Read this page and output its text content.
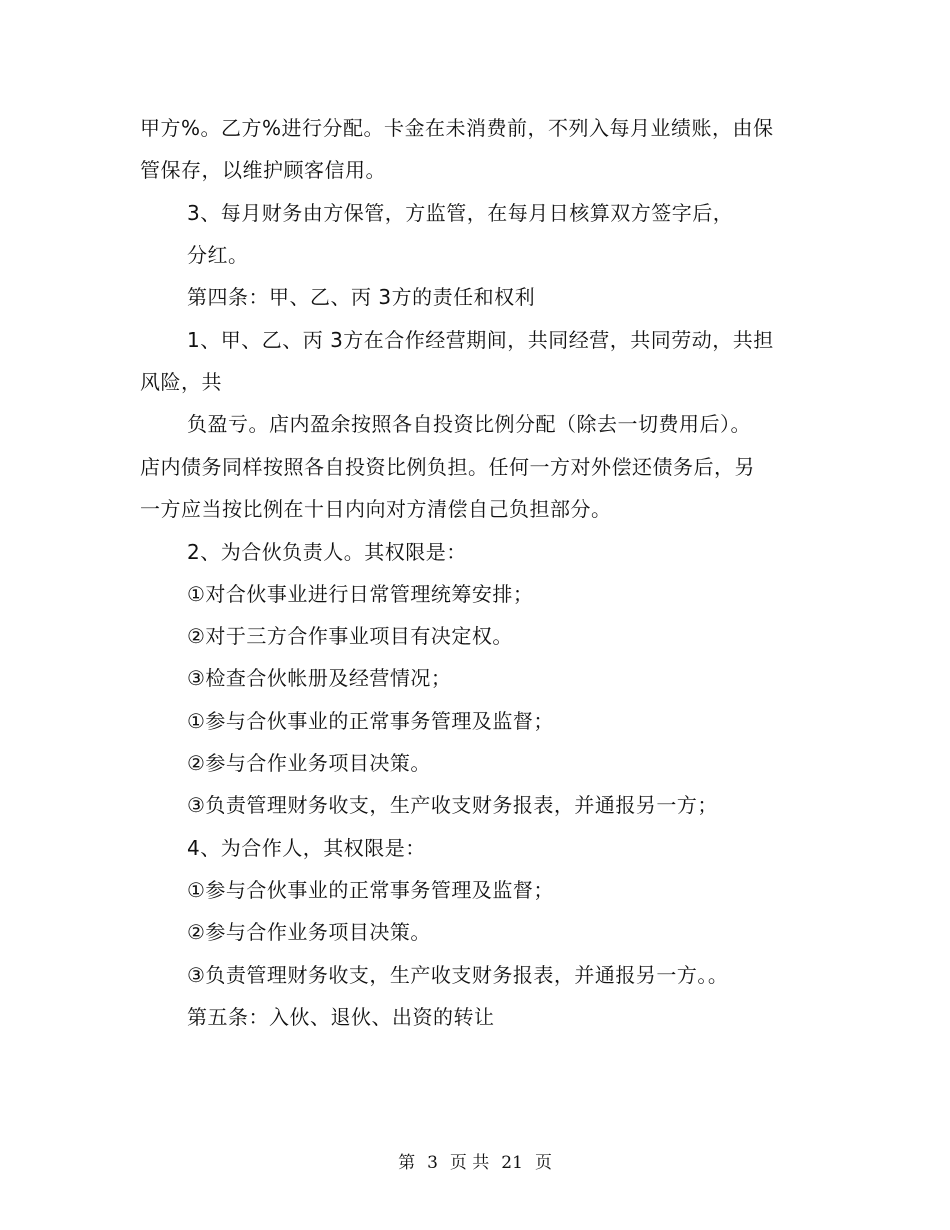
甲方%。乙方%进行分配。卡金在未消费前，不列入每月业绩账，由保
管保存，以维护顾客信用。
3、每月财务由方保管，方监管，在每月日核算双方签字后，
分红。
第四条：甲、乙、丙 3方的责任和权利
1、甲、乙、丙 3方在合作经营期间，共同经营，共同劳动，共担
风险，共
负盈亏。店内盈余按照各自投资比例分配（除去一切费用后）。
店内债务同样按照各自投资比例负担。任何一方对外偿还债务后，另
一方应当按比例在十日内向对方清偿自己负担部分。
2、为合伙负责人。其权限是：
①对合伙事业进行日常管理统筹安排；
②对于三方合作事业项目有决定权。
③检查合伙帐册及经营情况；
①参与合伙事业的正常事务管理及监督；
②参与合作业务项目决策。
③负责管理财务收支，生产收支财务报表，并通报另一方；
4、为合作人，其权限是：
①参与合伙事业的正常事务管理及监督；
②参与合作业务项目决策。
③负责管理财务收支，生产收支财务报表，并通报另一方。。
第五条：入伙、退伙、出资的转让
第 3 页 共 21 页
